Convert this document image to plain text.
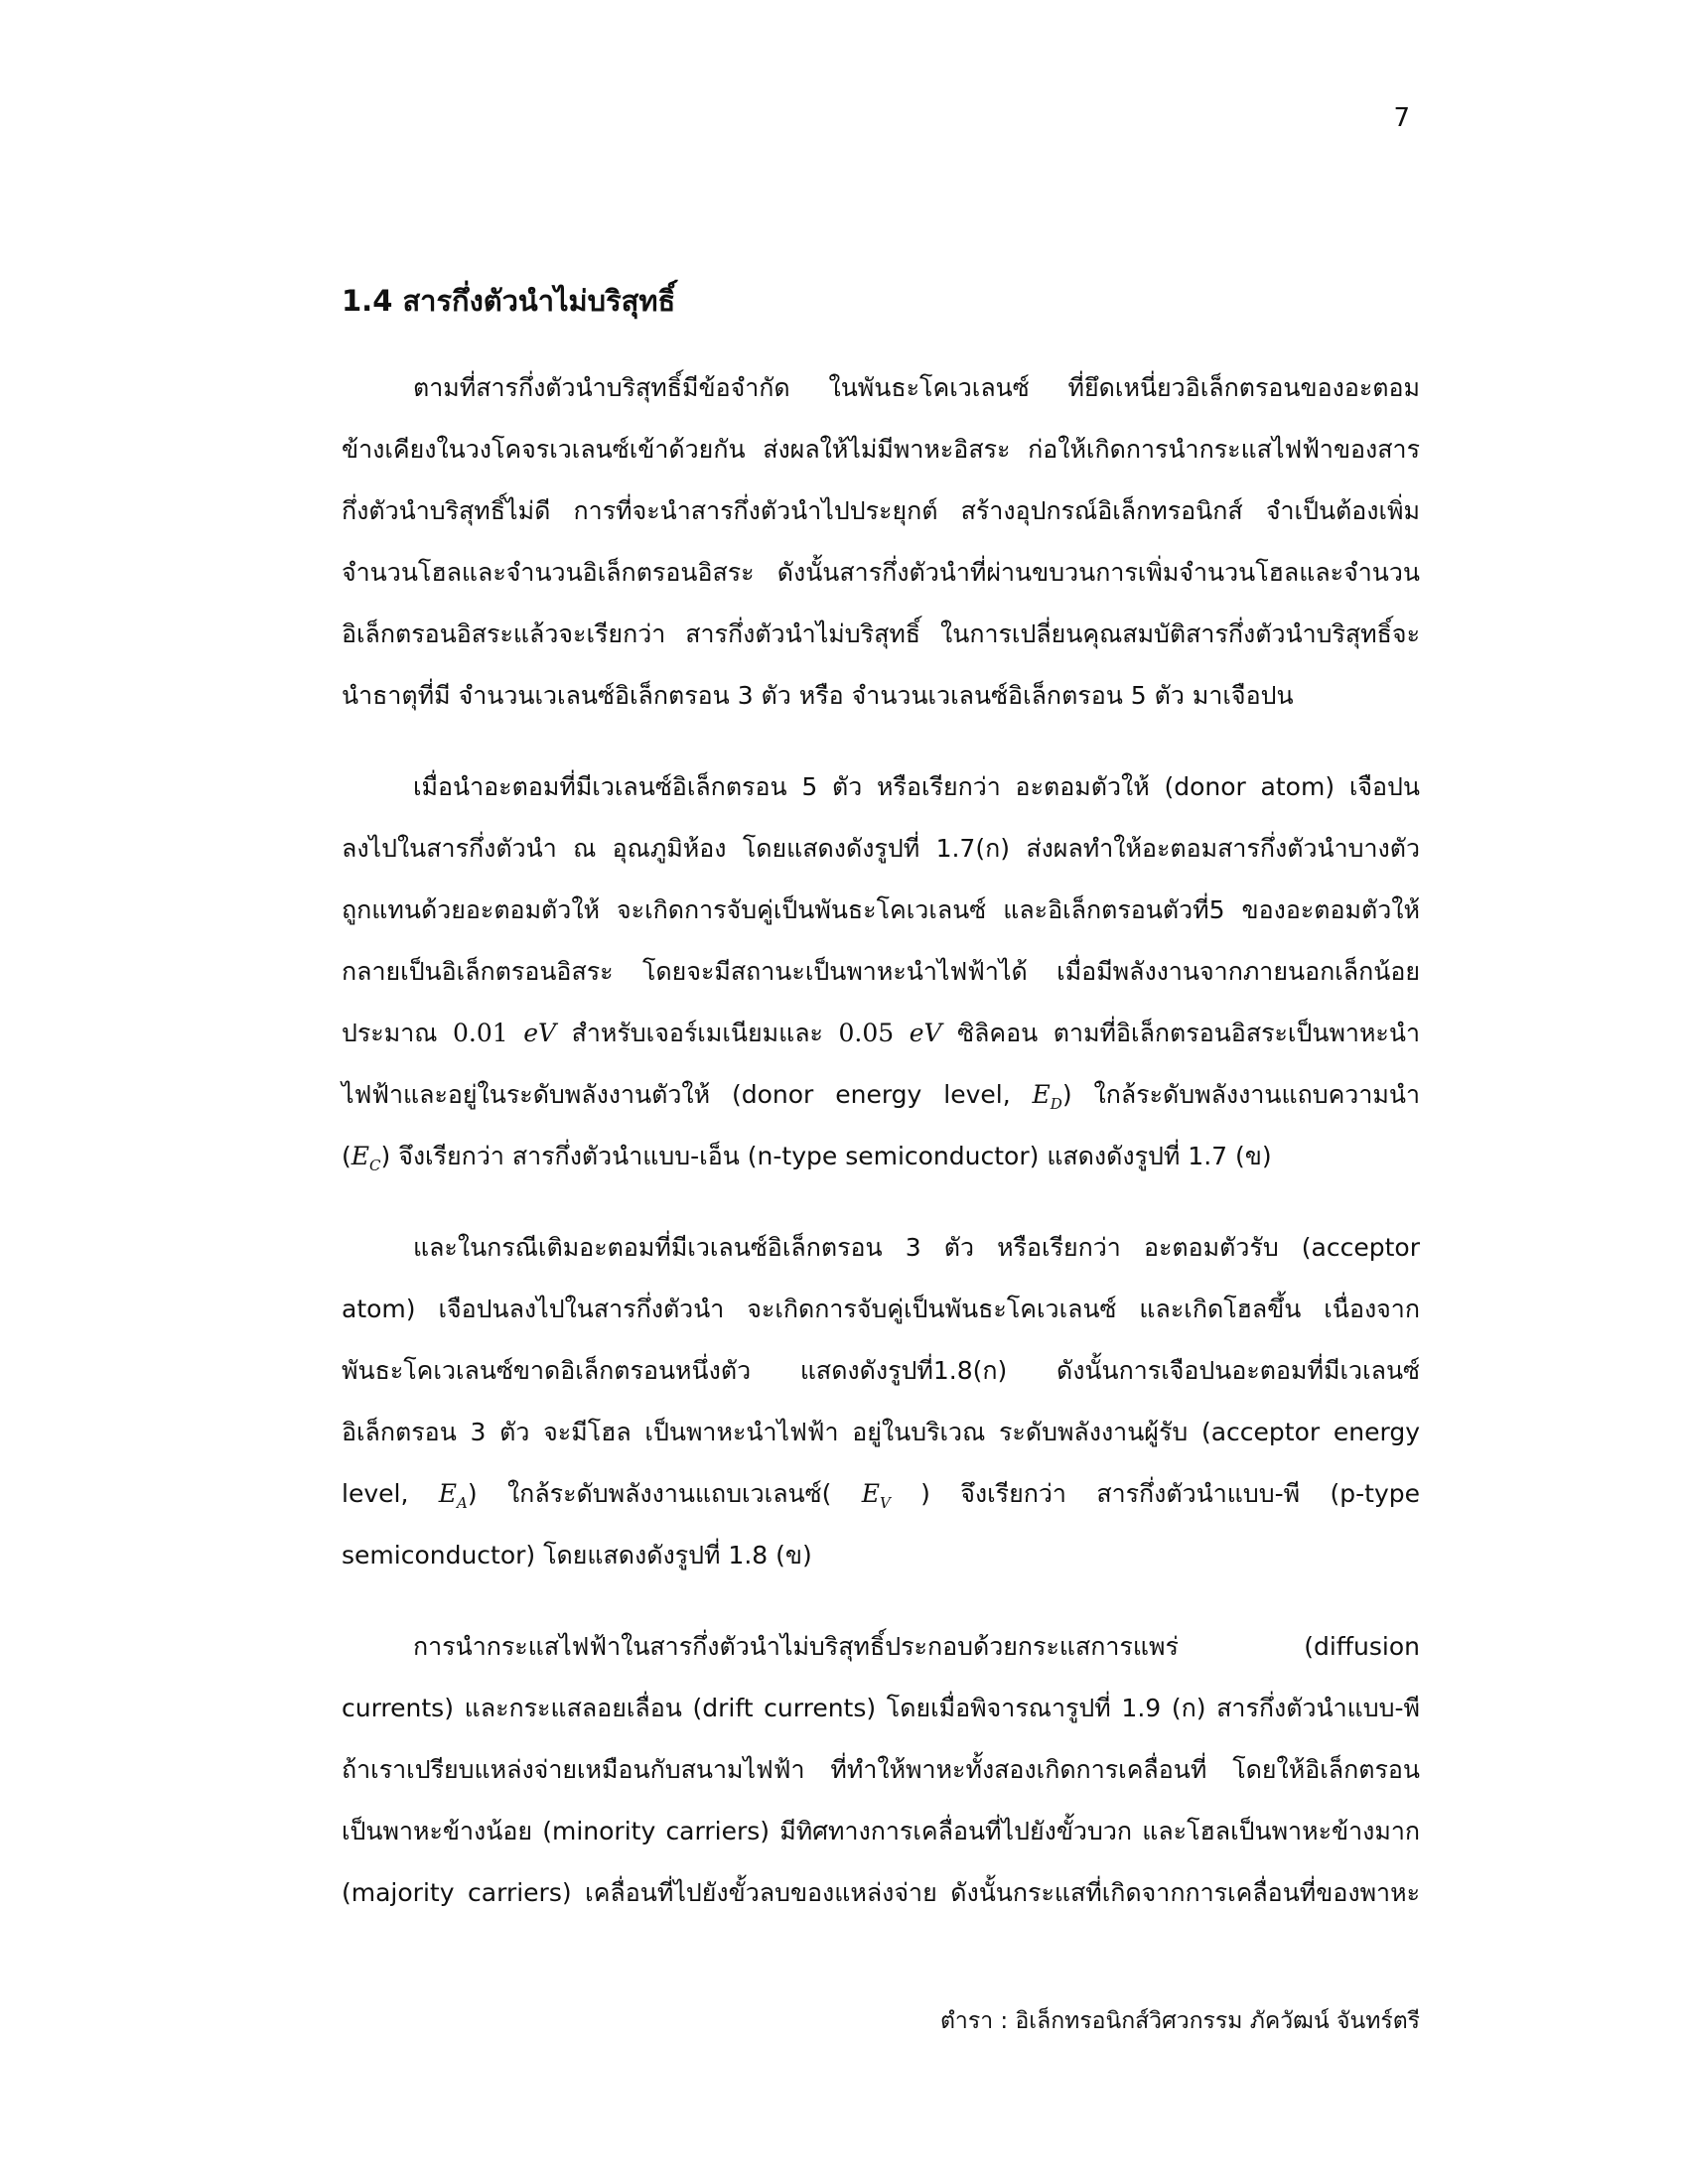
7
1.4 สารกึ่งตัวนำไม่บริสุทธิ์
ตามที่สารกึ่งตัวนำบริสุทธิ์มีข้อจำกัด ในพันธะโคเวเลนซ์ ที่ยึดเหนี่ยวอิเล็กตรอนของอะตอม
ข้างเคียงในวงโคจรเวเลนซ์เข้าด้วยกัน ส่งผลให้ไม่มีพาหะอิสระ ก่อให้เกิดการนำกระแสไฟฟ้าของสาร
กึ่งตัวนำบริสุทธิ์ไม่ดี การที่จะนำสารกึ่งตัวนำไปประยุกต์ สร้างอุปกรณ์อิเล็กทรอนิกส์ จำเป็นต้องเพิ่ม
จำนวนโฮลและจำนวนอิเล็กตรอนอิสระ ดังนั้นสารกึ่งตัวนำที่ผ่านขบวนการเพิ่มจำนวนโฮลและจำนวน
อิเล็กตรอนอิสระแล้วจะเรียกว่า สารกึ่งตัวนำไม่บริสุทธิ์ ในการเปลี่ยนคุณสมบัติสารกึ่งตัวนำบริสุทธิ์จะ
นำธาตุที่มี จำนวนเวเลนซ์อิเล็กตรอน 3 ตัว หรือ จำนวนเวเลนซ์อิเล็กตรอน 5 ตัว มาเจือปน
เมื่อนำอะตอมที่มีเวเลนซ์อิเล็กตรอน 5 ตัว หรือเรียกว่า อะตอมตัวให้ (donor atom) เจือปน
ลงไปในสารกึ่งตัวนำ ณ อุณภูมิห้อง โดยแสดงดังรูปที่ 1.7(ก) ส่งผลทำให้อะตอมสารกึ่งตัวนำบางตัว
ถูกแทนด้วยอะตอมตัวให้ จะเกิดการจับคู่เป็นพันธะโคเวเลนซ์ และอิเล็กตรอนตัวที่5 ของอะตอมตัวให้
กลายเป็นอิเล็กตรอนอิสระ โดยจะมีสถานะเป็นพาหะนำไฟฟ้าได้ เมื่อมีพลังงานจากภายนอกเล็กน้อย
ประมาณ 0.01 eV สำหรับเจอร์เมเนียมและ 0.05 eV ซิลิคอน ตามที่อิเล็กตรอนอิสระเป็นพาหะนำ
ไฟฟ้าและอยู่ในระดับพลังงานตัวให้ (donor energy level, $E_D$) ใกล้ระดับพลังงานแถบความนำ
$(E_C)$ จึงเรียกว่า สารกึ่งตัวนำแบบ-เอ็น (n-type semiconductor) แสดงดังรูปที่ 1.7 (ข)
และในกรณีเติมอะตอมที่มีเวเลนซ์อิเล็กตรอน 3 ตัว หรือเรียกว่า อะตอมตัวรับ (acceptor
atom) เจือปนลงไปในสารกึ่งตัวนำ จะเกิดการจับคู่เป็นพันธะโคเวเลนซ์ และเกิดโฮลขึ้น เนื่องจาก
พันธะโคเวเลนซ์ขาดอิเล็กตรอนหนึ่งตัว แสดงดังรูปที่1.8(ก) ดังนั้นการเจือปนอะตอมที่มีเวเลนซ์
อิเล็กตรอน 3 ตัว จะมีโฮล เป็นพาหะนำไฟฟ้า อยู่ในบริเวณ ระดับพลังงานผู้รับ (acceptor energy
level, $E_A$) ใกล้ระดับพลังงานแถบเวเลนซ์( $E_V$ ) จึงเรียกว่า สารกึ่งตัวนำแบบ-พี (p-type
semiconductor) โดยแสดงดังรูปที่ 1.8 (ข)
การนำกระแสไฟฟ้าในสารกึ่งตัวนำไม่บริสุทธิ์ประกอบด้วยกระแสการแพร่ (diffusion
currents) และกระแสลอยเลื่อน (drift currents) โดยเมื่อพิจารณารูปที่ 1.9 (ก) สารกึ่งตัวนำแบบ-พี
ถ้าเราเปรียบแหล่งจ่ายเหมือนกับสนามไฟฟ้า ที่ทำให้พาหะทั้งสองเกิดการเคลื่อนที่ โดยให้อิเล็กตรอน
เป็นพาหะข้างน้อย (minority carriers) มีทิศทางการเคลื่อนที่ไปยังขั้วบวก และโฮลเป็นพาหะข้างมาก
(majority carriers) เคลื่อนที่ไปยังขั้วลบของแหล่งจ่าย ดังนั้นกระแสที่เกิดจากการเคลื่อนที่ของพาหะ
ตำรา : อิเล็กทรอนิกส์วิศวกรรม ภัควัฒน์ จันทร์ตรี
